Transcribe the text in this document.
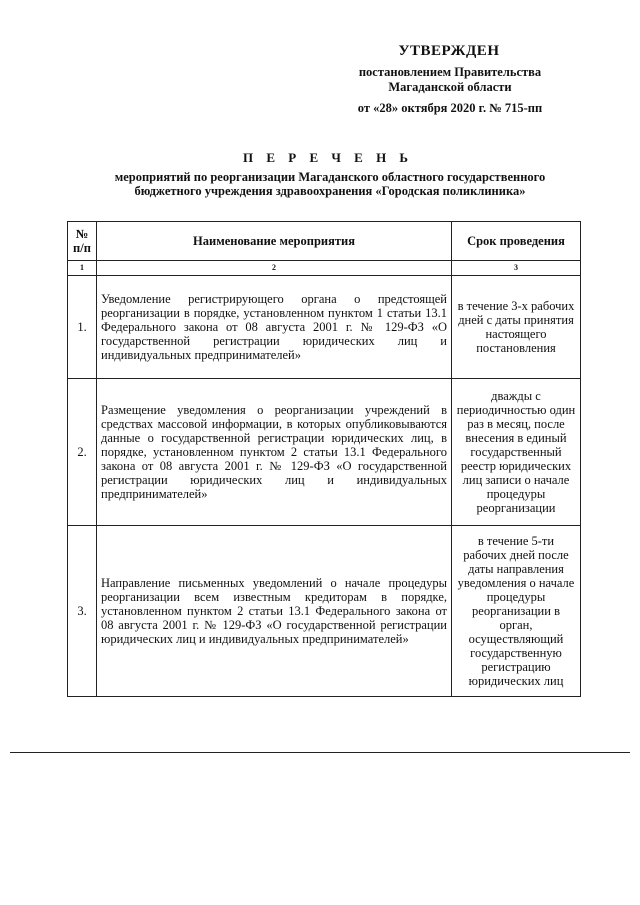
УТВЕРЖДЕН
постановлением Правительства
Магаданской области
от «28» октября 2020 г. № 715-пп
П Е Р Е Ч Е Н Ь
мероприятий по реорганизации Магаданского областного государственного бюджетного учреждения здравоохранения «Городская поликлиника»
№ п/п	Наименование мероприятия	Срок проведения
1	2	3
1.	Уведомление регистрирующего органа о предстоящей реорганизации в порядке, установленном пунктом 1 статьи 13.1 Федерального закона от 08 августа 2001 г. № 129-ФЗ «О государственной регистрации юридических лиц и индивидуальных предпринимателей»	в течение 3-х рабочих дней с даты принятия настоящего постановления
2.	Размещение уведомления о реорганизации учреждений в средствах массовой информации, в которых опубликовываются данные о государственной регистрации юридических лиц, в порядке, установленном пунктом 2 статьи 13.1 Федерального закона от 08 августа 2001 г. № 129-ФЗ «О государственной регистрации юридических лиц и индивидуальных предпринимателей»	дважды с периодичностью один раз в месяц, после внесения в единый государственный реестр юридических лиц записи о начале процедуры реорганизации
3.	Направление письменных уведомлений о начале процедуры реорганизации всем известным кредиторам в порядке, установленном пунктом 2 статьи 13.1 Федерального закона от 08 августа 2001 г. № 129-ФЗ «О государственной регистрации юридических лиц и индивидуальных предпринимателей»	в течение 5-ти рабочих дней после даты направления уведомления о начале процедуры реорганизации в орган, осуществляющий государственную регистрацию юридических лиц
